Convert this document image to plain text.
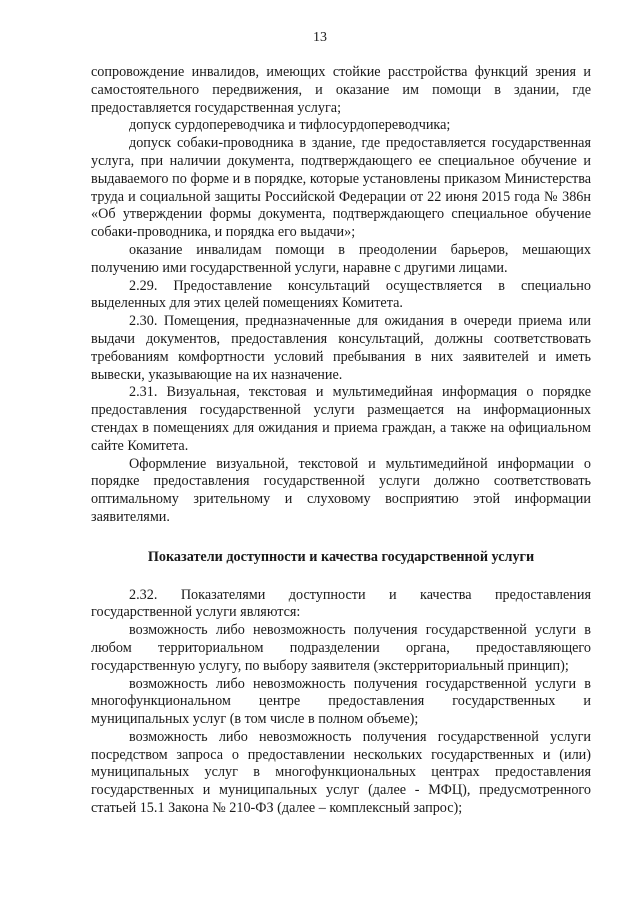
13

сопровождение инвалидов, имеющих стойкие расстройства функций зрения и самостоятельного передвижения, и оказание им помощи в здании, где предоставляется государственная услуга;

допуск сурдопереводчика и тифлосурдопереводчика;

допуск собаки-проводника в здание, где предоставляется государственная услуга, при наличии документа, подтверждающего ее специальное обучение и выдаваемого по форме и в порядке, которые установлены приказом Министерства труда и социальной защиты Российской Федерации от 22 июня 2015 года № 386н «Об утверждении формы документа, подтверждающего специальное обучение собаки-проводника, и порядка его выдачи»;

оказание инвалидам помощи в преодолении барьеров, мешающих получению ими государственной услуги, наравне с другими лицами.

2.29. Предоставление консультаций осуществляется в специально выделенных для этих целей помещениях Комитета.

2.30. Помещения, предназначенные для ожидания в очереди приема или выдачи документов, предоставления консультаций, должны соответствовать требованиям комфортности условий пребывания в них заявителей и иметь вывески, указывающие на их назначение.

2.31. Визуальная, текстовая и мультимедийная информация о порядке предоставления государственной услуги размещается на информационных стендах в помещениях для ожидания и приема граждан, а также на официальном сайте Комитета.

Оформление визуальной, текстовой и мультимедийной информации о порядке предоставления государственной услуги должно соответствовать оптимальному зрительному и слуховому восприятию этой информации заявителями.

Показатели доступности и качества государственной услуги

2.32. Показателями доступности и качества предоставления государственной услуги являются:

возможность либо невозможность получения государственной услуги в любом территориальном подразделении органа, предоставляющего государственную услугу, по выбору заявителя (экстерриториальный принцип);

возможность либо невозможность получения государственной услуги в многофункциональном центре предоставления государственных и муниципальных услуг (в том числе в полном объеме);

возможность либо невозможность получения государственной услуги посредством запроса о предоставлении нескольких государственных и (или) муниципальных услуг в многофункциональных центрах предоставления государственных и муниципальных услуг (далее - МФЦ), предусмотренного статьей 15.1 Закона № 210-ФЗ (далее – комплексный запрос);
